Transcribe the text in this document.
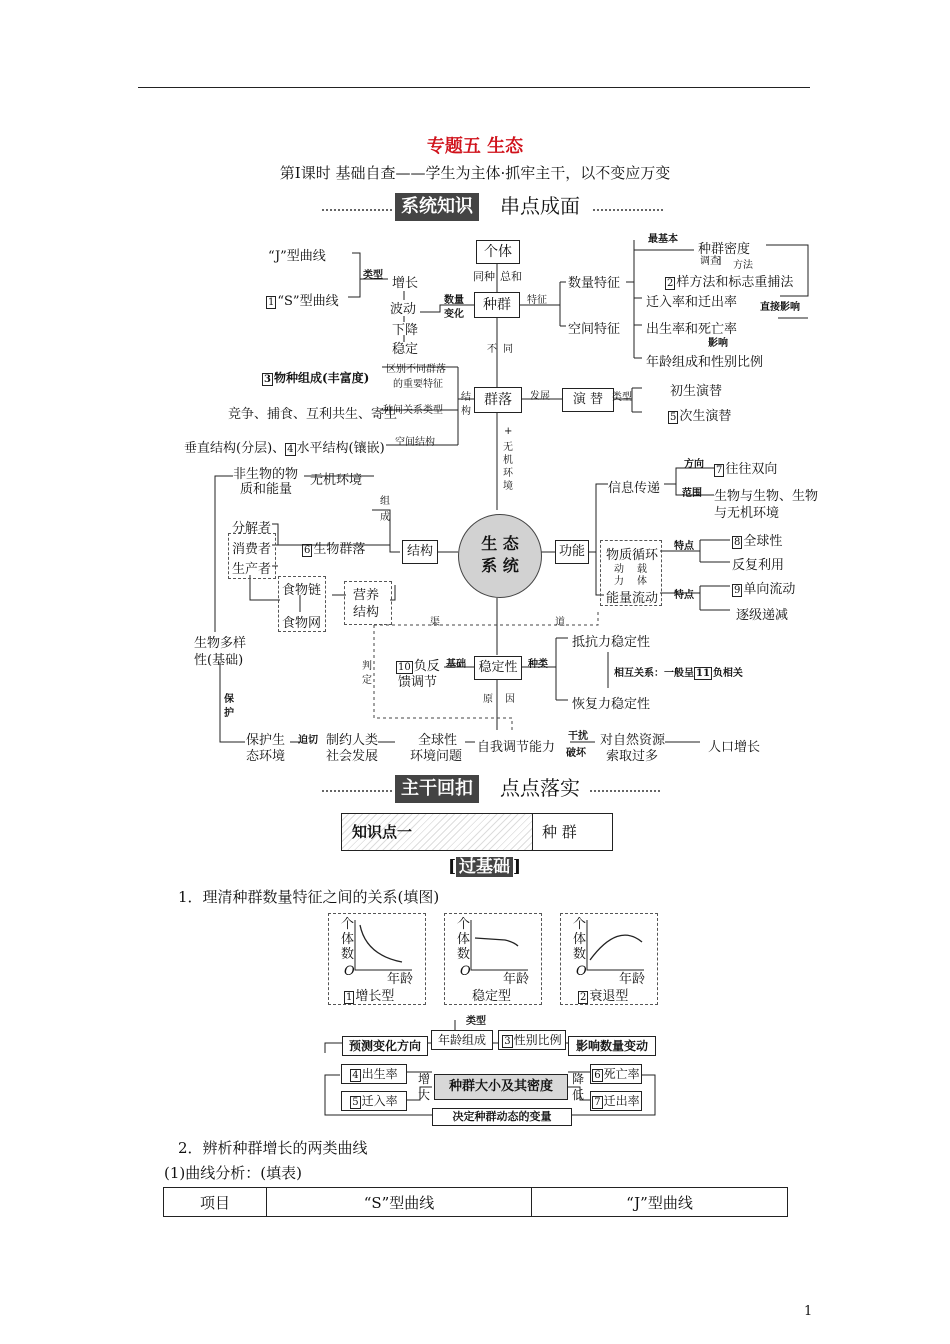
专题五 生态
第Ⅰ课时 基础自查——学生为主体·抓牢主干，以不变应万变
系统知识	串点成面
个体
同种 总和
种群	特征
数量特征
空间特征
最基本
种群密度
调查 方法
2 样方法和标志重捕法
迁入率和迁出率 直接影响
出生率和死亡率
影响
年龄组成和性别比例
“J”型曲线
类型
1 “S”型曲线
增长
波动
下降
稳定
数量
变化
不同
3 物种组成(丰富度)
区别不同群落
的重要特征
竞争、捕食、互利共生、寄生
种间关系类型
垂直结构(分层)、 4 水平结构(镶嵌) 空间结构
结
构
群落	发展	演 替 类型	初生演替
5 次生演替
+
无
机
环
境
非生物的物
质和能量
无机环境
组
成
分解者
消费者
生产者
6 生物群落
食物链
食物网
营养
结构
结构	生 态
系 统
功能
信息传递
方向
7 往往双向
范围 生物与生物、生物
与无机环境
物质循环
动
力
载
体
能量流动
特点	8 全球性
反复利用
特点	9 单向流动
逐级递减
渠	道
生物多样
性(基础)
保
护
判
定
10 负反
馈调节
基础 稳定性	种类
抵抗力稳定性
恢复力稳定性
相互关系：一般呈 11 负相关
原 因
保护生
态环境
迫切 制约人类
社会发展
全球性
环境问题
自我调节能力
干扰
破坏
对自然资源
索取过多
人口增长
主干回扣	点点落实
知识点一	种 群
[ 过基础 ]
1．理清种群数量特征之间的关系(填图)
个体数
个体数
个体数
O	O	O
年龄	年龄	年龄
1 增长型	稳定型	2 衰退型
类型
年龄组成	3 性别比例
预测变化方向	影响数量变动
4 出生率
5 迁入率
增
大
种群大小及其密度	降
低
6 死亡率
7 迁出率
决定种群动态的变量
2．辨析种群增长的两类曲线
(1)曲线分析：(填表)
项目	“S”型曲线	“J”型曲线
1
